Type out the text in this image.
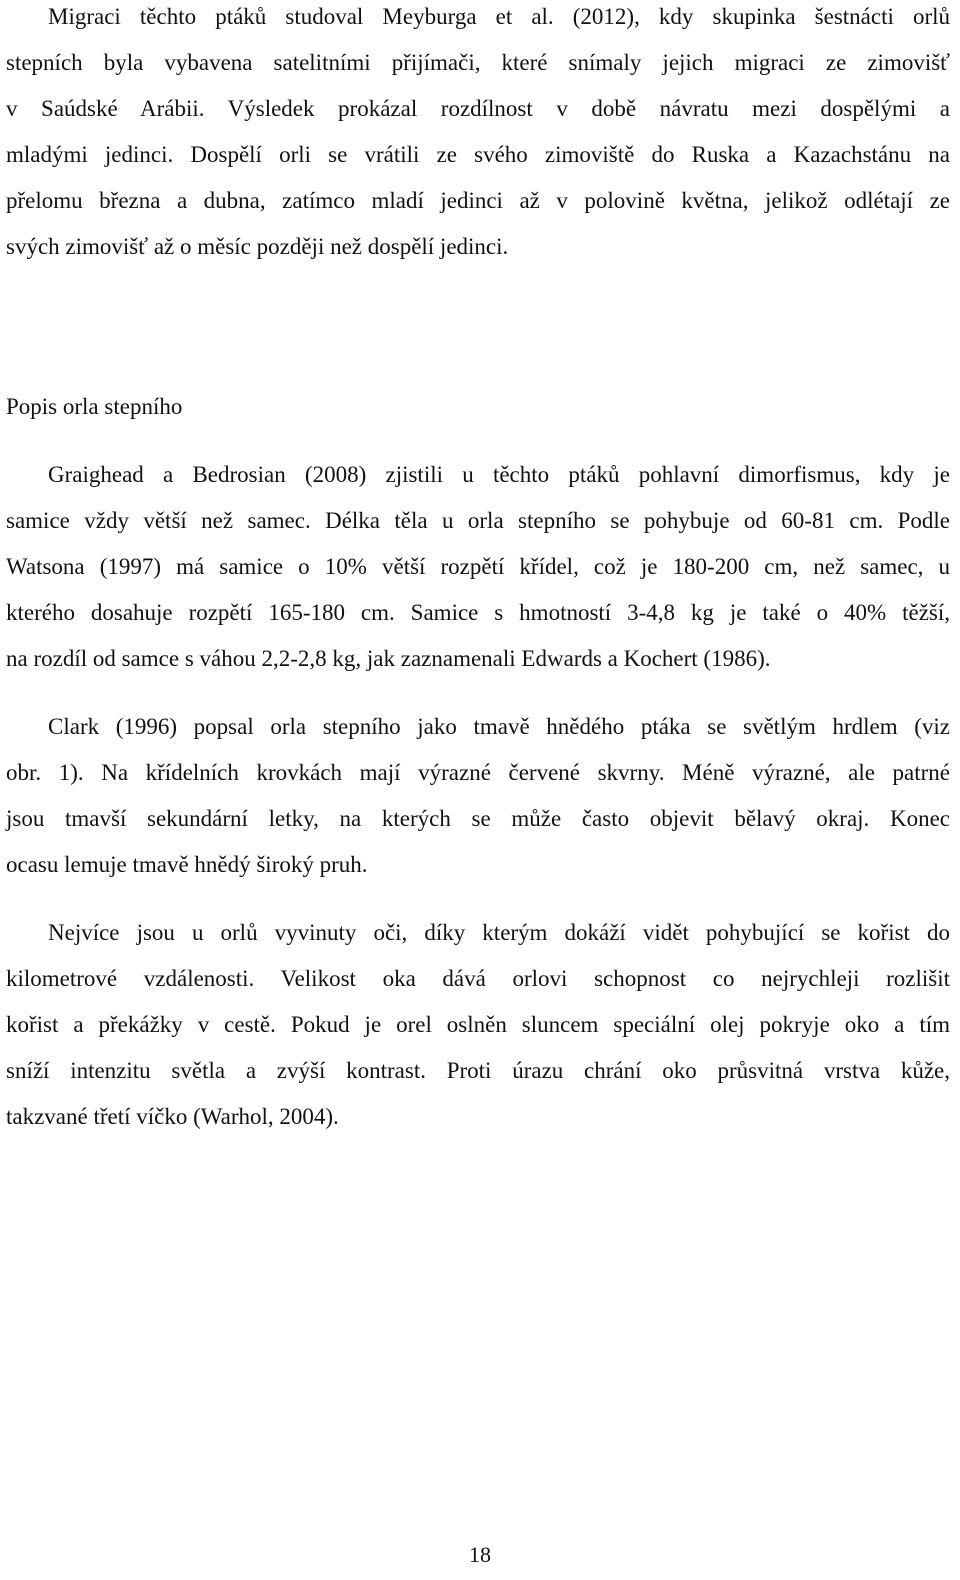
Migraci těchto ptáků studoval Meyburga et al. (2012), kdy skupinka šestnácti orlů
stepních byla vybavena satelitními přijímači, které snímaly jejich migraci ze zimovišť
v Saúdské Arábii. Výsledek prokázal rozdílnost v době návratu mezi dospělými a
mladými jedinci. Dospělí orli se vrátili ze svého zimoviště do Ruska a Kazachstánu na
přelomu března a dubna, zatímco mladí jedinci až v polovině května, jelikož odlétají ze
svých zimovišť až o měsíc později než dospělí jedinci.
Popis orla stepního
Graighead a Bedrosian (2008) zjistili u těchto ptáků pohlavní dimorfismus, kdy je
samice vždy větší než samec. Délka těla u orla stepního se pohybuje od 60-81 cm. Podle
Watsona (1997) má samice o 10% větší rozpětí křídel, což je 180-200 cm, než samec, u
kterého dosahuje rozpětí 165-180 cm. Samice s hmotností 3-4,8 kg je také o 40% těžší,
na rozdíl od samce s váhou 2,2-2,8 kg, jak zaznamenali Edwards a Kochert (1986).
Clark (1996) popsal orla stepního jako tmavě hnědého ptáka se světlým hrdlem (viz
obr. 1). Na křídelních krovkách mají výrazné červené skvrny. Méně výrazné, ale patrné
jsou tmavší sekundární letky, na kterých se může často objevit bělavý okraj. Konec
ocasu lemuje tmavě hnědý široký pruh.
Nejvíce jsou u orlů vyvinuty oči, díky kterým dokáží vidět pohybující se kořist do
kilometrové vzdálenosti. Velikost oka dává orlovi schopnost co nejrychleji rozlišit
kořist a překážky v cestě. Pokud je orel oslněn sluncem speciální olej pokryje oko a tím
sníží intenzitu světla a zvýší kontrast. Proti úrazu chrání oko průsvitná vrstva kůže,
takzvané třetí víčko (Warhol, 2004).
18
